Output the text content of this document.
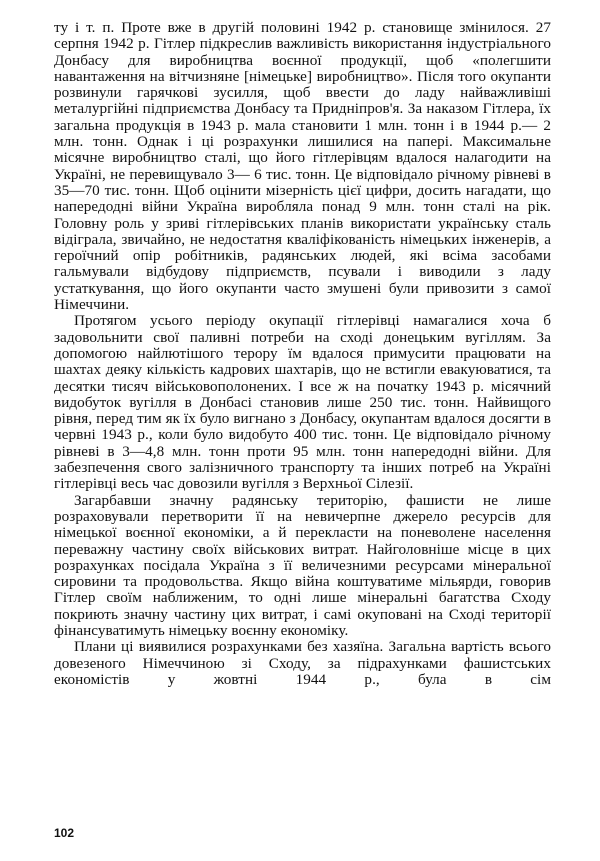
ту і т. п. Проте вже в другій половині 1942 р. становище змінилося. 27 серпня 1942 р. Гітлер підкреслив важливість використання індустріального Донбасу для виробництва воєнної продукції, щоб «полегшити навантаження на вітчизняне [німецьке] виробництво». Після того окупанти розвинули гарячкові зусилля, щоб ввести до ладу найважливіші металургійні підприємства Донбасу та Придніпров'я. За наказом Гітлера, їх загальна продукція в 1943 р. мала становити 1 млн. тонн і в 1944 р.— 2 млн. тонн. Однак і ці розрахунки лишилися на папері. Максимальне місячне виробництво сталі, що його гітлерівцям вдалося налагодити на Україні, не перевищувало 3— 6 тис. тонн. Це відповідало річному рівневі в 35—70 тис. тонн. Щоб оцінити мізерність цієї цифри, досить нагадати, що напередодні війни Україна виробляла понад 9 млн. тонн сталі на рік. Головну роль у зриві гітлерівських планів використати українську сталь відіграла, звичайно, не недостатня кваліфікованість німецьких інженерів, а героїчний опір робітників, радянських людей, які всіма засобами гальмували відбудову підприємств, псували і виводили з ладу устаткування, що його окупанти часто змушені були привозити з самої Німеччини.

Протягом усього періоду окупації гітлерівці намагалися хоча б задовольнити свої паливні потреби на сході донецьким вугіллям. За допомогою найлютішого терору їм вдалося примусити працювати на шахтах деяку кількість кадрових шахтарів, що не встигли евакуюватися, та десятки тисяч військовополонених. І все ж на початку 1943 р. місячний видобуток вугілля в Донбасі становив лише 250 тис. тонн. Найвищого рівня, перед тим як їх було вигнано з Донбасу, окупантам вдалося досягти в червні 1943 р., коли було видобуто 400 тис. тонн. Це відповідало річному рівневі в 3—4,8 млн. тонн проти 95 млн. тонн напередодні війни. Для забезпечення свого залізничного транспорту та інших потреб на Україні гітлерівці весь час довозили вугілля з Верхньої Сілезії.

Загарбавши значну радянську територію, фашисти не лише розраховували перетворити її на невичерпне джерело ресурсів для німецької воєнної економіки, а й перекласти на поневолене населення переважну частину своїх військових витрат. Найголовніше місце в цих розрахунках посідала Україна з її величезними ресурсами мінеральної сировини та продовольства. Якщо війна коштуватиме мільярди, говорив Гітлер своїм наближеним, то одні лише мінеральні багатства Сходу покриють значну частину цих витрат, і самі окуповані на Сході території фінансуватимуть німецьку воєнну економіку.

Плани ці виявилися розрахунками без хазяїна. Загальна вартість всього довезеного Німеччиною зі Сходу, за підрахунками фашистських економістів у жовтні 1944 р., була в сім

102
